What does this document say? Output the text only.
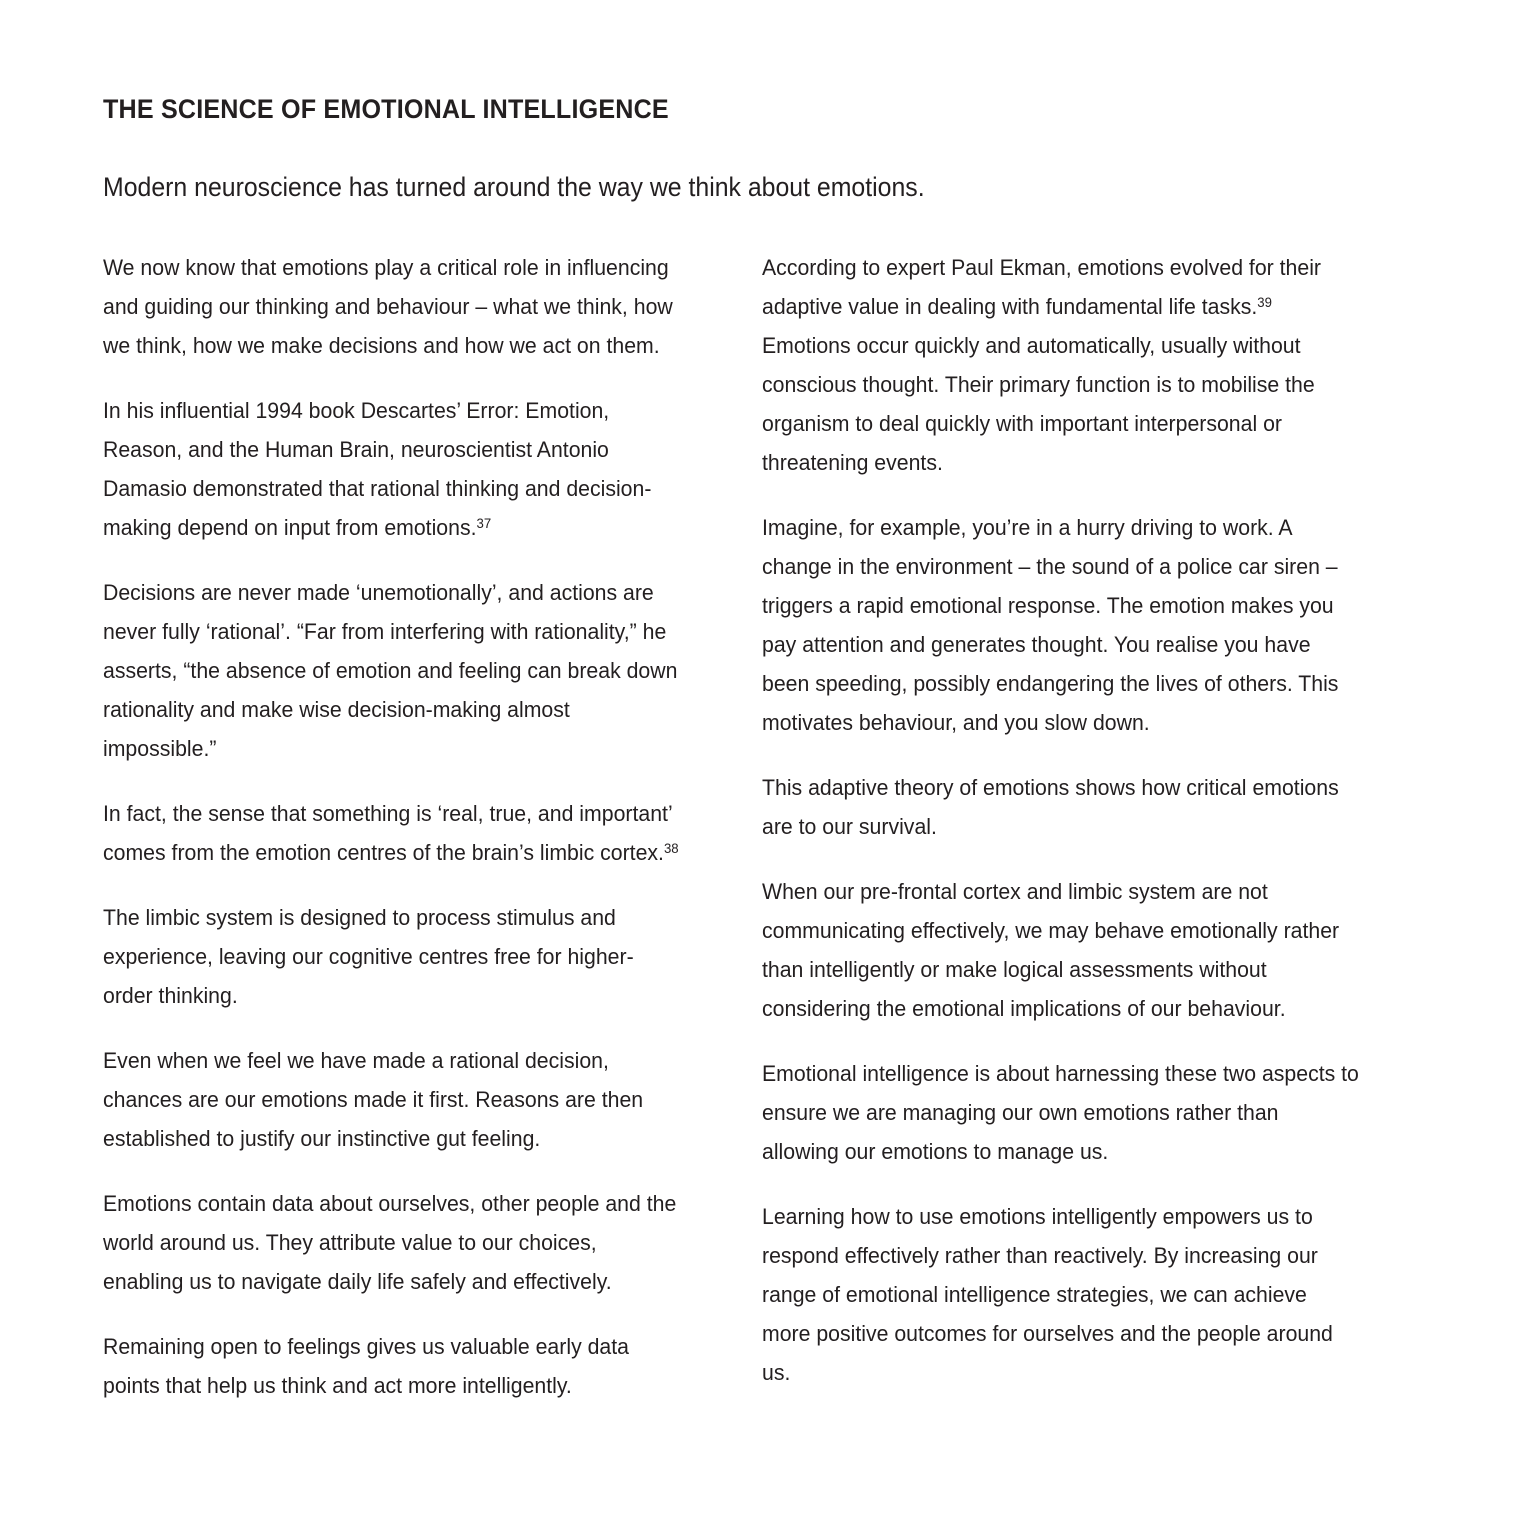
THE SCIENCE OF EMOTIONAL INTELLIGENCE

Modern neuroscience has turned around the way we think about emotions.

We now know that emotions play a critical role in influencing and guiding our thinking and behaviour – what we think, how we think, how we make decisions and how we act on them.

In his influential 1994 book Descartes’ Error: Emotion, Reason, and the Human Brain, neuroscientist Antonio Damasio demonstrated that rational thinking and decision-making depend on input from emotions.$^{37}$

Decisions are never made ‘unemotionally’, and actions are never fully ‘rational’. “Far from interfering with rationality,” he asserts, “the absence of emotion and feeling can break down rationality and make wise decision-making almost impossible.”

In fact, the sense that something is ‘real, true, and important’ comes from the emotion centres of the brain’s limbic cortex.$^{38}$

The limbic system is designed to process stimulus and experience, leaving our cognitive centres free for higher-order thinking.

Even when we feel we have made a rational decision, chances are our emotions made it first. Reasons are then established to justify our instinctive gut feeling.

Emotions contain data about ourselves, other people and the world around us. They attribute value to our choices, enabling us to navigate daily life safely and effectively.

Remaining open to feelings gives us valuable early data points that help us think and act more intelligently.

According to expert Paul Ekman, emotions evolved for their adaptive value in dealing with fundamental life tasks.$^{39}$ Emotions occur quickly and automatically, usually without conscious thought. Their primary function is to mobilise the organism to deal quickly with important interpersonal or threatening events.

Imagine, for example, you’re in a hurry driving to work. A change in the environment – the sound of a police car siren – triggers a rapid emotional response. The emotion makes you pay attention and generates thought. You realise you have been speeding, possibly endangering the lives of others. This motivates behaviour, and you slow down.

This adaptive theory of emotions shows how critical emotions are to our survival.

When our pre-frontal cortex and limbic system are not communicating effectively, we may behave emotionally rather than intelligently or make logical assessments without considering the emotional implications of our behaviour.

Emotional intelligence is about harnessing these two aspects to ensure we are managing our own emotions rather than allowing our emotions to manage us.

Learning how to use emotions intelligently empowers us to respond effectively rather than reactively. By increasing our range of emotional intelligence strategies, we can achieve more positive outcomes for ourselves and the people around us.
